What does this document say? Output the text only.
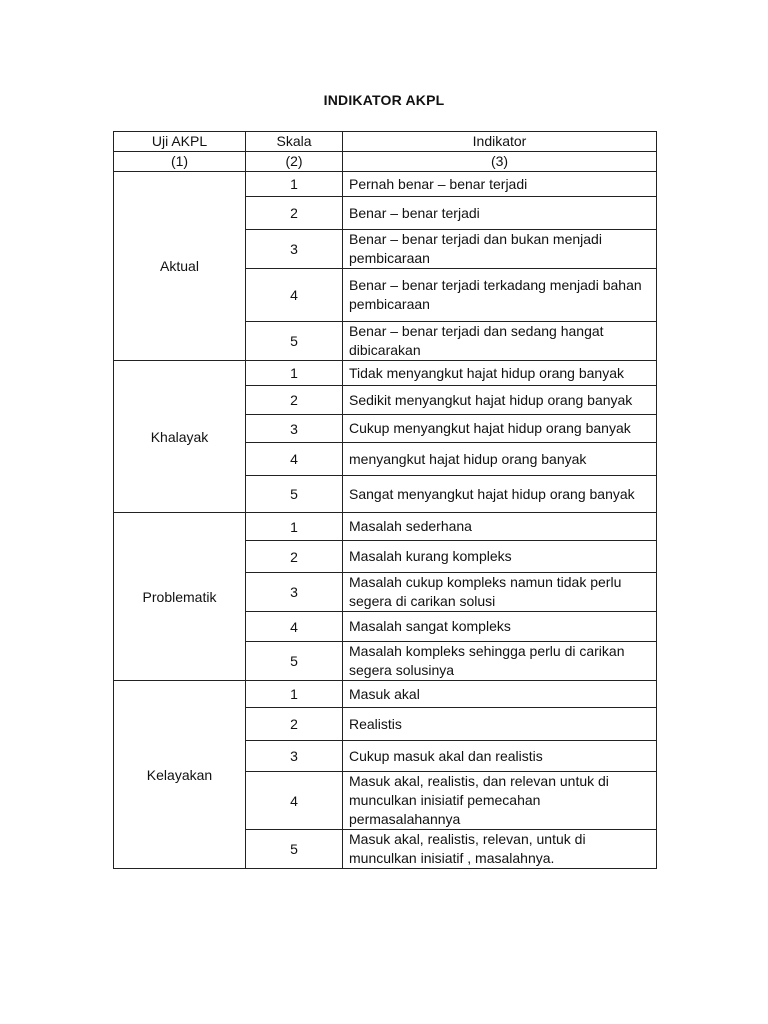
INDIKATOR AKPL
Uji AKPL	Skala	Indikator
(1)	(2)	(3)
Aktual	1	Pernah benar – benar terjadi
	2	Benar – benar terjadi
	3	Benar – benar terjadi dan bukan menjadi pembicaraan
	4	Benar – benar terjadi terkadang menjadi bahan pembicaraan
	5	Benar – benar terjadi dan sedang hangat dibicarakan
Khalayak	1	Tidak menyangkut hajat hidup orang banyak
	2	Sedikit menyangkut hajat hidup orang banyak
	3	Cukup menyangkut hajat hidup orang banyak
	4	menyangkut hajat hidup orang banyak
	5	Sangat menyangkut hajat hidup orang banyak
Problematik	1	Masalah sederhana
	2	Masalah kurang kompleks
	3	Masalah cukup kompleks namun tidak perlu segera di carikan solusi
	4	Masalah sangat kompleks
	5	Masalah kompleks sehingga perlu di carikan segera solusinya
Kelayakan	1	Masuk akal
	2	Realistis
	3	Cukup masuk akal dan realistis
	4	Masuk akal, realistis, dan relevan untuk di munculkan inisiatif pemecahan permasalahannya
	5	Masuk akal, realistis, relevan, untuk di munculkan inisiatif , masalahnya.
